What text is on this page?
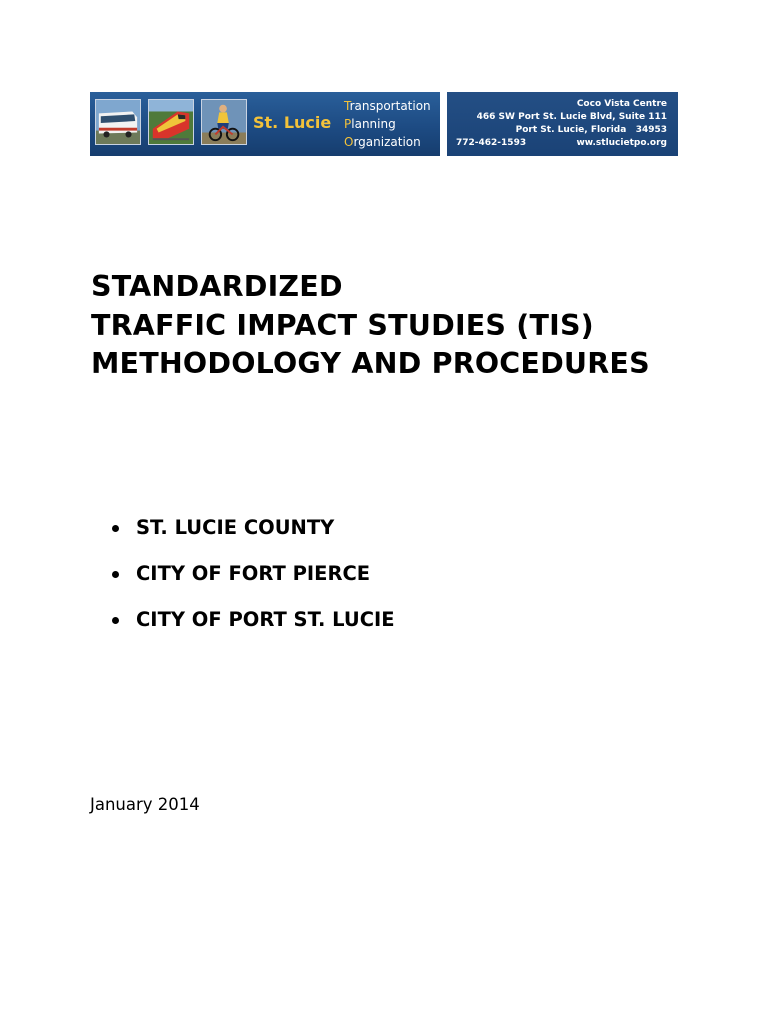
St. Lucie
Transportation
Planning
Organization
Coco Vista Centre
466 SW Port St. Lucie Blvd, Suite 111
Port St. Lucie, Florida   34953
772-462-1593	ww.stlucietpo.org
STANDARDIZED
TRAFFIC IMPACT STUDIES (TIS)
METHODOLOGY AND PROCEDURES
ST. LUCIE COUNTY
CITY OF FORT PIERCE
CITY OF PORT ST. LUCIE
January 2014
